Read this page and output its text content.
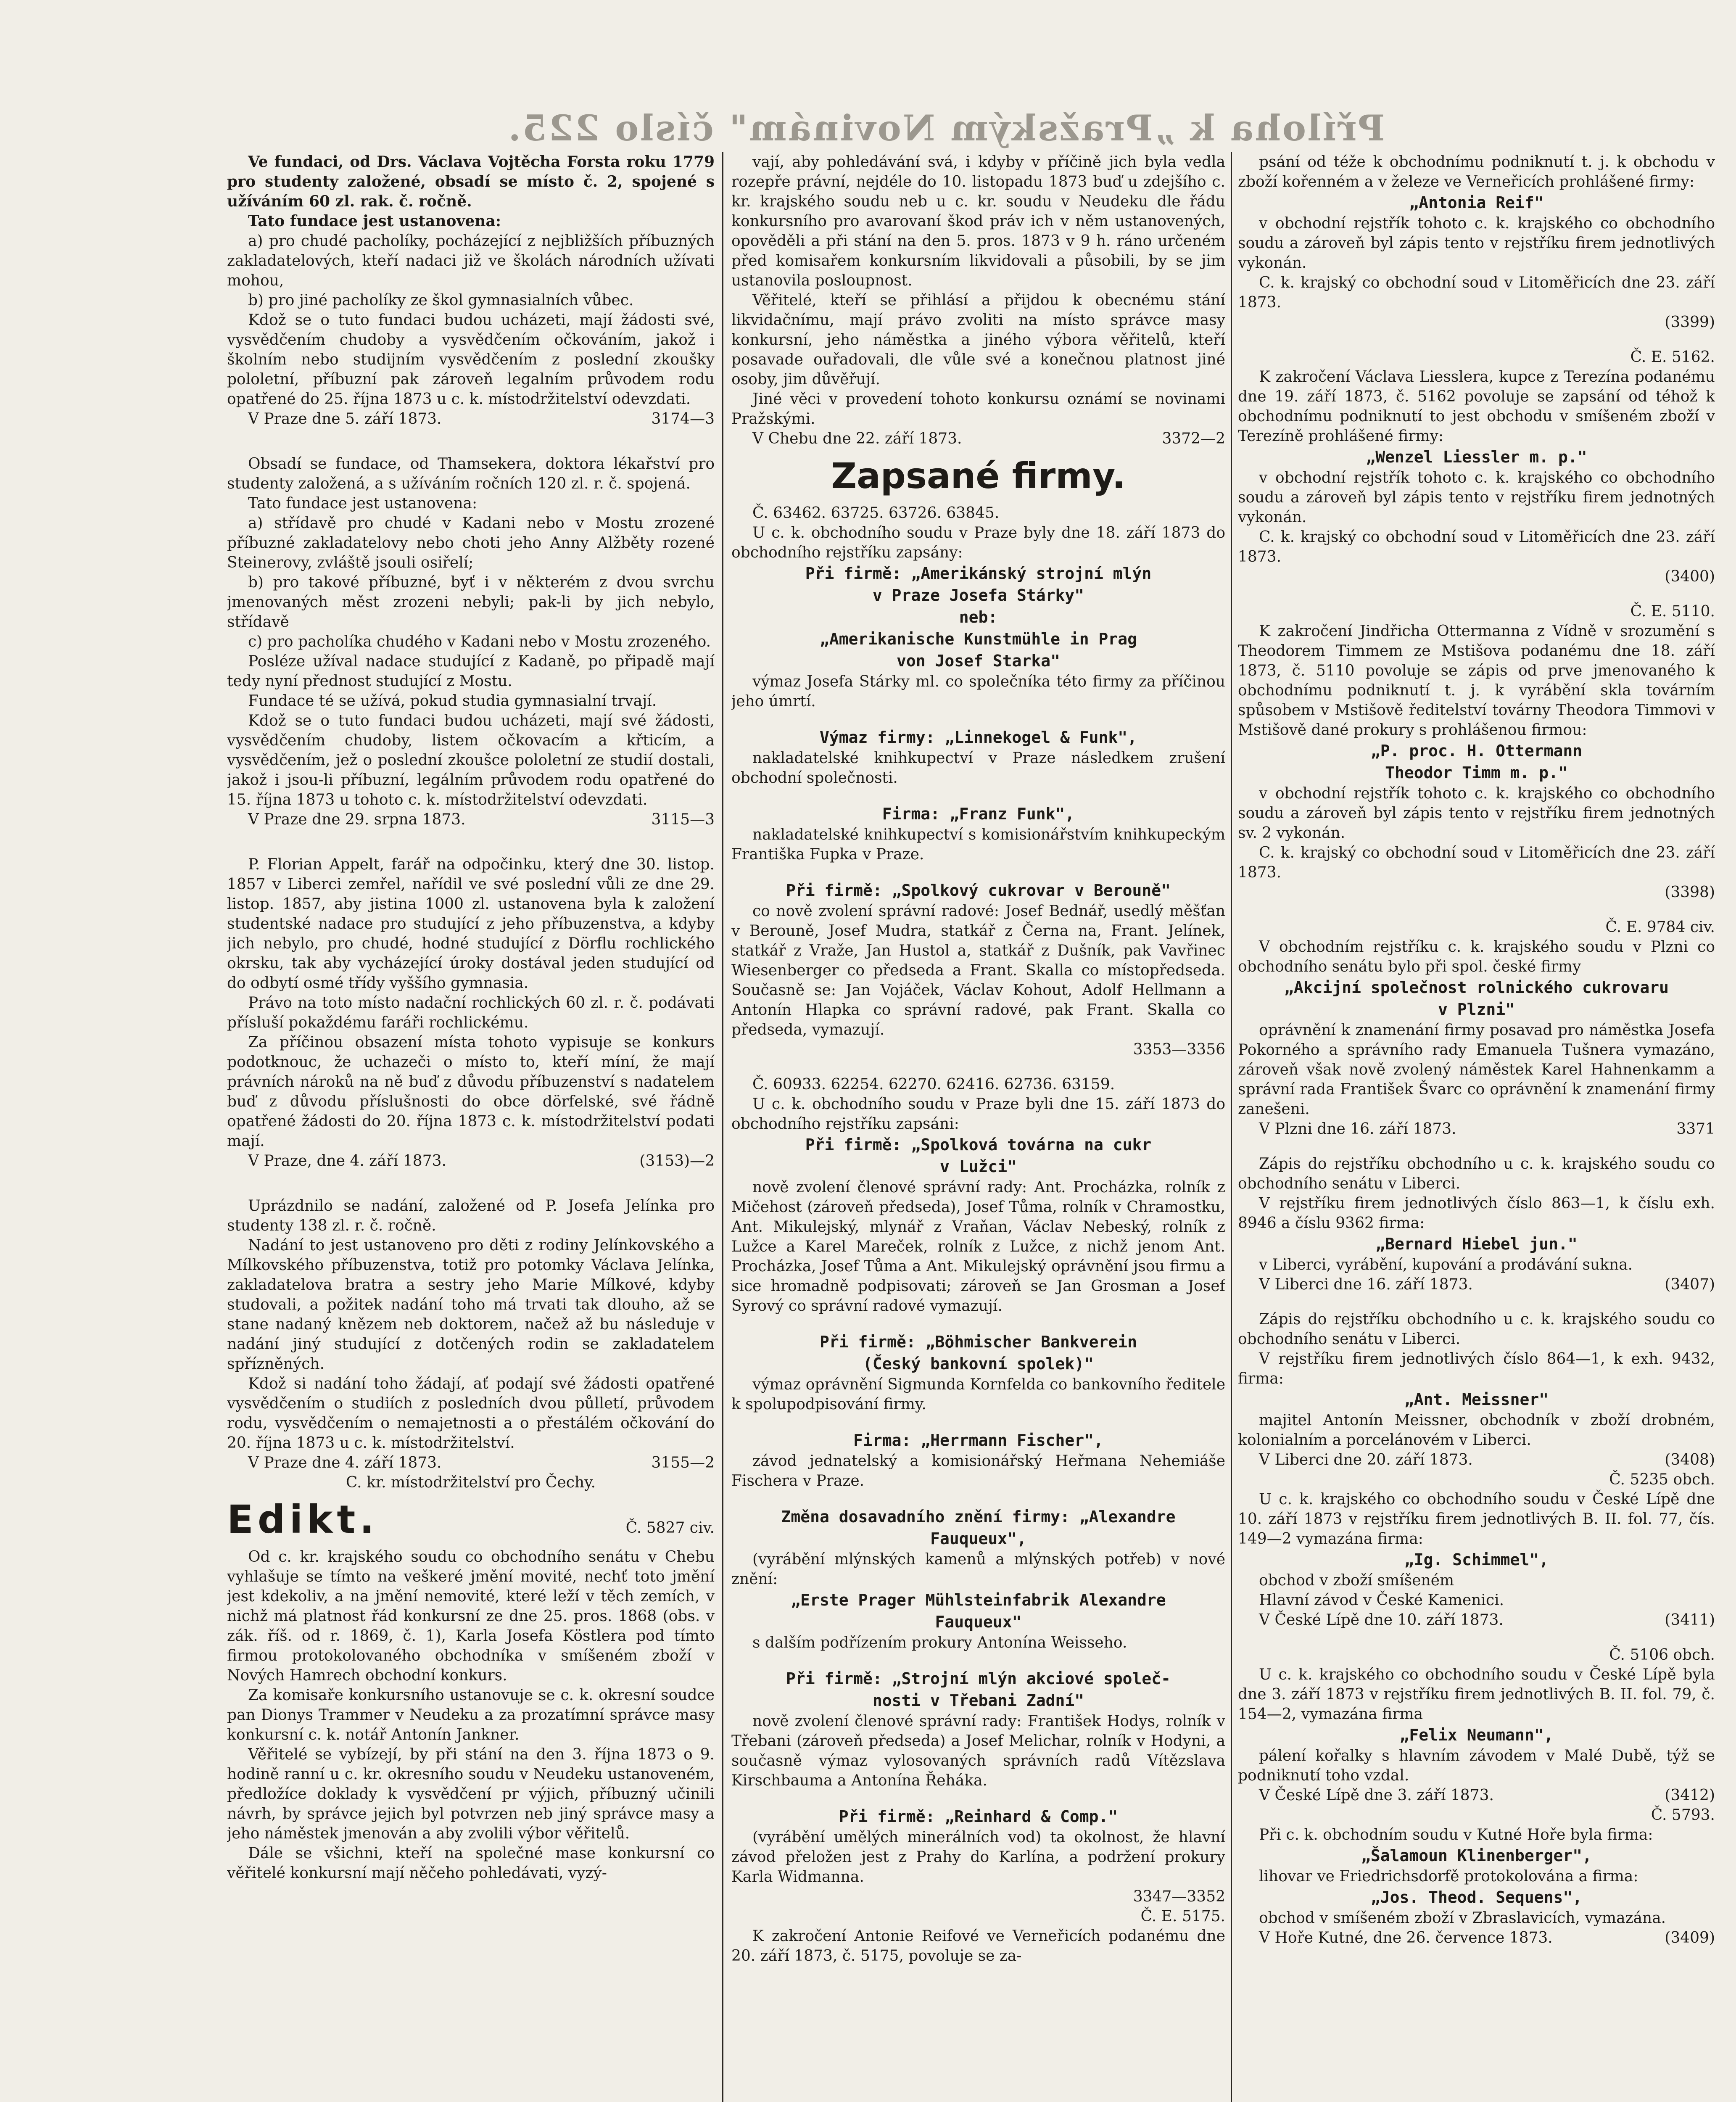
Příloha k „Pražským Novinám" číslo 225.

Ve fundaci, od Drs. Václava Vojtěcha Forsta roku 1779 pro studenty založené, obsadí se místo č. 2, spojené s užíváním 60 zl. rak. č. ročně.

Tato fundace jest ustanovena:

a) pro chudé pacholíky, pocházející z nejbližších příbuzných zakladatelových, kteří nadaci již ve školách národních užívati mohou,

b) pro jiné pacholíky ze škol gymnasialních vůbec.

Kdož se o tuto fundaci budou ucházeti, mají žádosti své, vysvědčením chudoby a vysvědčením očkováním, jakož i školním nebo studijním vysvědčením z poslední zkoušky pololetní, příbuzní pak zároveň legalním průvodem rodu opatřené do 25. října 1873 u c. k. místodržitelství odevzdati.

V Praze dne 5. září 1873.	3174—3

Obsadí se fundace, od Thamsekera, doktora lékařství pro studenty založená, a s užíváním ročních 120 zl. r. č. spojená.

Tato fundace jest ustanovena:

a) střídavě pro chudé v Kadani nebo v Mostu zrozené příbuzné zakladatelovy nebo choti jeho Anny Alžběty rozené Steinerovy, zvláště jsouli osiřelí;

b) pro takové příbuzné, byť i v některém z dvou svrchu jmenovaných měst zrozeni nebyli; pak-li by jich nebylo, střídavě

c) pro pacholíka chudého v Kadani nebo v Mostu zrozeného.

Posléze užíval nadace studující z Kadaně, po připadě mají tedy nyní přednost studující z Mostu.

Fundace té se užívá, pokud studia gymnasialní trvají.

Kdož se o tuto fundaci budou ucházeti, mají své žádosti, vysvědčením chudoby, listem očkovacím a křticím, a vysvědčením, jež o poslední zkoušce pololetní ze studií dostali, jakož i jsou-li příbuzní, legálním průvodem rodu opatřené do 15. října 1873 u tohoto c. k. místodržitelství odevzdati.

V Praze dne 29. srpna 1873.	3115—3

P. Florian Appelt, farář na odpočinku, který dne 30. listop. 1857 v Liberci zemřel, nařídil ve své poslední vůli ze dne 29. listop. 1857, aby jistina 1000 zl. ustanovena byla k založení studentské nadace pro studující z jeho příbuzenstva, a kdyby jich nebylo, pro chudé, hodné studující z Dörflu rochlického okrsku, tak aby vycházející úroky dostával jeden studující od do odbytí osmé třídy vyššího gymnasia.

Právo na toto místo nadační rochlických 60 zl. r. č. podávati přísluší pokaždému faráři rochlickému.

Za příčinou obsazení místa tohoto vypisuje se konkurs podotknouc, že uchazeči o místo to, kteří míní, že mají právních nároků na ně buď z důvodu příbuzenství s nadatelem buď z důvodu příslušnosti do obce dörfelské, své řádně opatřené žádosti do 20. října 1873 c. k. místodržitelství podati mají.

V Praze, dne 4. září 1873.	(3153)—2

Uprázdnilo se nadání, založené od P. Josefa Jelínka pro studenty 138 zl. r. č. ročně.

Nadání to jest ustanoveno pro děti z rodiny Jelínkovského a Mílkovského příbuzenstva, totiž pro potomky Václava Jelínka, zakladatelova bratra a sestry jeho Marie Mílkové, kdyby studovali, a požitek nadání toho má trvati tak dlouho, až se stane nadaný knězem neb doktorem, načež až bu následuje v nadání jiný studující z dotčených rodin se zakladatelem spřízněných.

Kdož si nadání toho žádají, ať podají své žádosti opatřené vysvědčením o studiích z posledních dvou půlletí, průvodem rodu, vysvědčením o nemajetnosti a o přestálém očkování do 20. října 1873 u c. k. místodržitelství.

V Praze dne 4. září 1873.	3155—2

C. kr. místodržitelství pro Čechy.

Edikt.	Č. 5827 civ.

Od c. kr. krajského soudu co obchodního senátu v Chebu vyhlašuje se tímto na veškeré jmění movité, nechť toto jmění jest kdekoliv, a na jmění nemovité, které leží v těch zemích, v nichž má platnost řád konkursní ze dne 25. pros. 1868 (obs. v zák. říš. od r. 1869, č. 1), Karla Josefa Köstlera pod tímto firmou protokolovaného obchodníka v smíšeném zboží v Nových Hamrech obchodní konkurs.

Za komisaře konkursního ustanovuje se c. k. okresní soudce pan Dionys Trammer v Neudeku a za prozatímní správce masy konkursní c. k. notář Antonín Jankner.

Věřitelé se vybízejí, by při stání na den 3. října 1873 o 9. hodině ranní u c. kr. okresního soudu v Neudeku ustanoveném, předložíce doklady k vysvědčení pr výjich, příbuzný učinili návrh, by správce jejich byl potvrzen neb jiný správce masy a jeho náměstek jmenován a aby zvolili výbor věřitelů.

Dále se všichni, kteří na společné mase konkursní co věřitelé konkursní mají něčeho pohledávati, vyzý-

vají, aby pohledávání svá, i kdyby v příčině jich byla vedla rozepře právní, nejdéle do 10. listopadu 1873 buď u zdejšího c. kr. krajského soudu neb u c. kr. soudu v Neudeku dle řádu konkursního pro avarovaní škod práv ich v něm ustanovených, opověděli a při stání na den 5. pros. 1873 v 9 h. ráno určeném před komisařem konkursním likvidovali a působili, by se jim ustanovila posloupnost.

Věřitelé, kteří se přihlásí a přijdou k obecnému stání likvidačnímu, mají právo zvoliti na místo správce masy konkursní, jeho náměstka a jiného výbora věřitelů, kteří posavade ouřadovali, dle vůle své a konečnou platnost jiné osoby, jim důvěřují.

Jiné věci v provedení tohoto konkursu oznámí se novinami Pražskými.

V Chebu dne 22. září 1873.	3372—2
Zapsané firmy.

Č. 63462. 63725. 63726. 63845.

U c. k. obchodního soudu v Praze byly dne 18. září 1873 do obchodního rejstříku zapsány:

Při firmě: „Amerikánský strojní mlýn

v Praze Josefa Stárky"

neb:

„Amerikanische Kunstmühle in Prag

von Josef Starka"

výmaz Josefa Stárky ml. co společníka této firmy za příčinou jeho úmrtí.

Výmaz firmy: „Linnekogel & Funk",

nakladatelské knihkupectví v Praze následkem zrušení obchodní společnosti.

Firma: „Franz Funk",

nakladatelské knihkupectví s komisionářstvím knihkupeckým Františka Fupka v Praze.

Při firmě: „Spolkový cukrovar v Berouně"

co nově zvolení správní radové: Josef Bednář, usedlý měšťan v Berouně, Josef Mudra, statkář z Černa na, Frant. Jelínek, statkář z Vraže, Jan Hustol a, statkář z Dušník, pak Vavřinec Wiesenberger co předseda a Frant. Skalla co místopředseda. Současně se: Jan Vojáček, Václav Kohout, Adolf Hellmann a Antonín Hlapka co správní radové, pak Frant. Skalla co předseda, vymazují.

3353—3356

Č. 60933. 62254. 62270. 62416. 62736. 63159.

U c. k. obchodního soudu v Praze byli dne 15. září 1873 do obchodního rejstříku zapsáni:

Při firmě: „Spolková továrna na cukr

v Lužci"

nově zvolení členové správní rady: Ant. Procházka, rolník z Mičehost (zároveň předseda), Josef Tůma, rolník v Chramostku, Ant. Mikulejský, mlynář z Vraňan, Václav Nebeský, rolník z Lužce a Karel Mareček, rolník z Lužce, z nichž jenom Ant. Procházka, Josef Tůma a Ant. Mikulejský oprávnění jsou firmu a sice hromadně podpisovati; zároveň se Jan Grosman a Josef Syrový co správní radové vymazují.

Při firmě: „Böhmischer Bankverein

(Český bankovní spolek)"

výmaz oprávnění Sigmunda Kornfelda co bankovního ředitele k spolupodpisování firmy.

Firma: „Herrmann Fischer",

závod jednatelský a komisionářský Heřmana Nehemiáše Fischera v Praze.

Změna dosavadního znění firmy: „Alexandre

Fauqueux",

(vyrábění mlýnských kamenů a mlýnských potřeb) v nové znění:

„Erste Prager Mühlsteinfabrik Alexandre

Fauqueux"

s dalším podřízením prokury Antonína Weisseho.

Při firmě: „Strojní mlýn akciové společ-

nosti v Třebani Zadní"

nově zvolení členové správní rady: František Hodys, rolník v Třebani (zároveň předseda) a Josef Melichar, rolník v Hodyni, a současně výmaz vylosovaných správních radů Vítězslava Kirschbauma a Antonína Řeháka.

Při firmě: „Reinhard & Comp."

(vyrábění umělých minerálních vod) ta okolnost, že hlavní závod přeložen jest z Prahy do Karlína, a podržení prokury Karla Widmanna.

3347—3352

Č. E. 5175.

K zakročení Antonie Reifové ve Verneřicích podanému dne 20. září 1873, č. 5175, povoluje se za-

psání od téže k obchodnímu podniknutí t. j. k obchodu v zboží kořenném a v železe ve Verneřicích prohlášené firmy:

„Antonia Reif"

v obchodní rejstřík tohoto c. k. krajského co obchodního soudu a zároveň byl zápis tento v rejstříku firem jednotlivých vykonán.

C. k. krajský co obchodní soud v Litoměřicích dne 23. září 1873.

(3399)

Č. E. 5162.

K zakročení Václava Liesslera, kupce z Terezína podanému dne 19. září 1873, č. 5162 povoluje se zapsání od téhož k obchodnímu podniknutí to jest obchodu v smíšeném zboží v Terezíně prohlášené firmy:

„Wenzel Liessler m. p."

v obchodní rejstřík tohoto c. k. krajského co obchodního soudu a zároveň byl zápis tento v rejstříku firem jednotných vykonán.

C. k. krajský co obchodní soud v Litoměřicích dne 23. září 1873.

(3400)

Č. E. 5110.

K zakročení Jindřicha Ottermanna z Vídně v srozumění s Theodorem Timmem ze Mstišova podanému dne 18. září 1873, č. 5110 povoluje se zápis od prve jmenovaného k obchodnímu podniknutí t. j. k vyrábění skla továrním spůsobem v Mstišově ředitelství továrny Theodora Timmovi v Mstišově dané prokury s prohlášenou firmou:

„P. proc. H. Ottermann

Theodor Timm m. p."

v obchodní rejstřík tohoto c. k. krajského co obchodního soudu a zároveň byl zápis tento v rejstříku firem jednotných sv. 2 vykonán.

C. k. krajský co obchodní soud v Litoměřicích dne 23. září 1873.

(3398)

Č. E. 9784 civ.

V obchodním rejstříku c. k. krajského soudu v Plzni co obchodního senátu bylo při spol. české firmy

„Akcijní společnost rolnického cukrovaru

v Plzni"

oprávnění k znamenání firmy posavad pro náměstka Josefa Pokorného a správního rady Emanuela Tušnera vymazáno, zároveň však nově zvolený náměstek Karel Hahnenkamm a správní rada František Švarc co oprávnění k znamenání firmy zanešeni.

V Plzni dne 16. září 1873.	3371

Zápis do rejstříku obchodního u c. k. krajského soudu co obchodního senátu v Liberci.

V rejstříku firem jednotlivých číslo 863—1, k číslu exh. 8946 a číslu 9362 firma:

„Bernard Hiebel jun."

v Liberci, vyrábění, kupování a prodávání sukna.

V Liberci dne 16. září 1873.	(3407)

Zápis do rejstříku obchodního u c. k. krajského soudu co obchodního senátu v Liberci.

V rejstříku firem jednotlivých číslo 864—1, k exh. 9432, firma:

„Ant. Meissner"

majitel Antonín Meissner, obchodník v zboží drobném, kolonialním a porcelánovém v Liberci.

V Liberci dne 20. září 1873.	(3408)

Č. 5235 obch.

U c. k. krajského co obchodního soudu v České Lípě dne 10. září 1873 v rejstříku firem jednotlivých B. II. fol. 77, čís. 149—2 vymazána firma:

„Ig. Schimmel",

obchod v zboží smíšeném

Hlavní závod v České Kamenici.

V České Lípě dne 10. září 1873.	(3411)

Č. 5106 obch.

U c. k. krajského co obchodního soudu v České Lípě byla dne 3. září 1873 v rejstříku firem jednotlivých B. II. fol. 79, č. 154—2, vymazána firma

„Felix Neumann",

pálení kořalky s hlavním závodem v Malé Dubě, týž se podniknutí toho vzdal.

V České Lípě dne 3. září 1873.	(3412)

Č. 5793.

Při c. k. obchodním soudu v Kutné Hoře byla firma:

„Šalamoun Klinenberger",

lihovar ve Friedrichsdorfě protokolována a firma:

„Jos. Theod. Sequens",

obchod v smíšeném zboží v Zbraslavicích, vymazána.

V Hoře Kutné, dne 26. července 1873.	(3409)
